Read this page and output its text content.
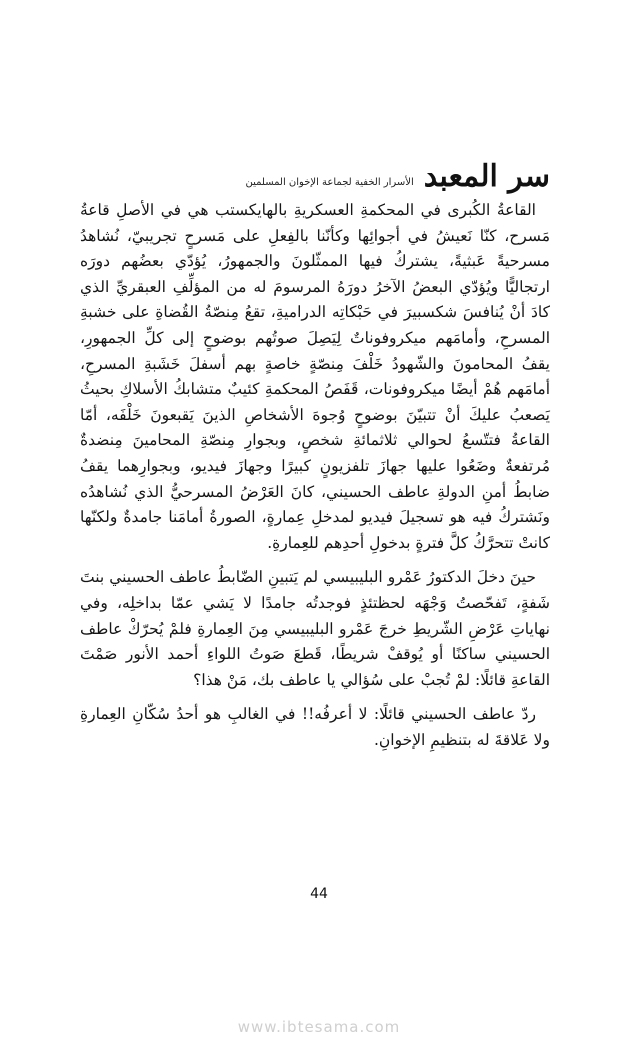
سر المعبد
الأسرار الخفية لجماعة الإخوان المسلمين

القاعةُ الكُبرى في المحكمةِ العسكريةِ بالهايكستب هي في الأصلِ قاعةُ مَسرح، كنّا نَعيشُ في أجوائِها وكأنّنا بالفِعلِ على مَسرحٍ تجريبيّ، نُشاهدُ مسرحيةً عَبثيةً، يشتركُ فيها الممثّلونَ والجمهورُ، يُؤدّي بعضُهم دورَه ارتجاليًّا ويُؤدّي البعضُ الآخرُ دورَهُ المرسومَ له من المؤلِّفِ العبقريِّ الذي كادَ أنْ يُنافسَ شكسبيرَ في حَبْكاتِه الدراميةِ، تقعُ مِنصّةُ القُضاةِ على خشبةِ المسرحِ، وأمامَهم ميكروفوناتٌ لِيَصِلَ صوتُهم بوضوحٍ إلى كلِّ الجمهورِ، يقفُ المحامونَ والشّهودُ خَلْفَ مِنصّةٍ خاصةٍ بهم أسفلَ خَشَبةِ المسرحِ، أمامَهم هُمْ أيضًا ميكروفونات، قَفَصُ المحكمةِ كئيبٌ متشابكُ الأسلاكِ بحيثُ يَصعبُ عليكَ أنْ تتبيّنَ بوضوحٍ وُجوهَ الأشخاصِ الذينَ يَقبعونَ خَلْفَه، أمّا القاعةُ فتتّسعُ لحوالي ثلاثمائةِ شخصٍ، وبجوارِ مِنصّةِ المحامينَ مِنضدةٌ مُرتفعةٌ وضَعُوا عليها جهازَ تلفزيونٍ كبيرًا وجهازَ فيديو، وبجوارِهما يقفُ ضابطُ أمنِ الدولةِ عاطف الحسيني، كانَ العَرْضُ المسرحيُّ الذي نُشاهدُه ونَشتركُ فيه هو تسجيلَ فيديو لمدخلِ عِمارةٍ، الصورةُ أمامَنا جامدةٌ ولكنّها كانتْ تتحرَّكُ كلَّ فترةٍ بدخولِ أحدِهم للعِمارةِ.

حينَ دخلَ الدكتورُ عَمْرو البليبيسي لم يَتبينِ الضّابطُ عاطف الحسيني بنتَ شَفةٍ، تَفحّصتُ وَجْهَه لحظتئذٍ فوجدتُه جامدًا لا يَشي عمّا بداخلِه، وفي نهاياتِ عَرْضِ الشّريطِ خرجَ عَمْرو البليبيسي مِنَ العِمارةِ فلمْ يُحرّكْ عاطف الحسيني ساكنًا أو يُوقفْ شريطًا، قَطعَ صَوتُ اللواءِ أحمد الأنور صَمْتَ القاعةِ قائلًا: لمْ تُجبْ على سُؤالي يا عاطف بك، مَنْ هذا؟

ردّ عاطف الحسيني قائلًا: لا أعرفُه!! في الغالبِ هو أحدُ سُكّانِ العِمارةِ ولا عَلاقةَ له بتنظيمِ الإخوانِ.

44
www.ibtesama.com
